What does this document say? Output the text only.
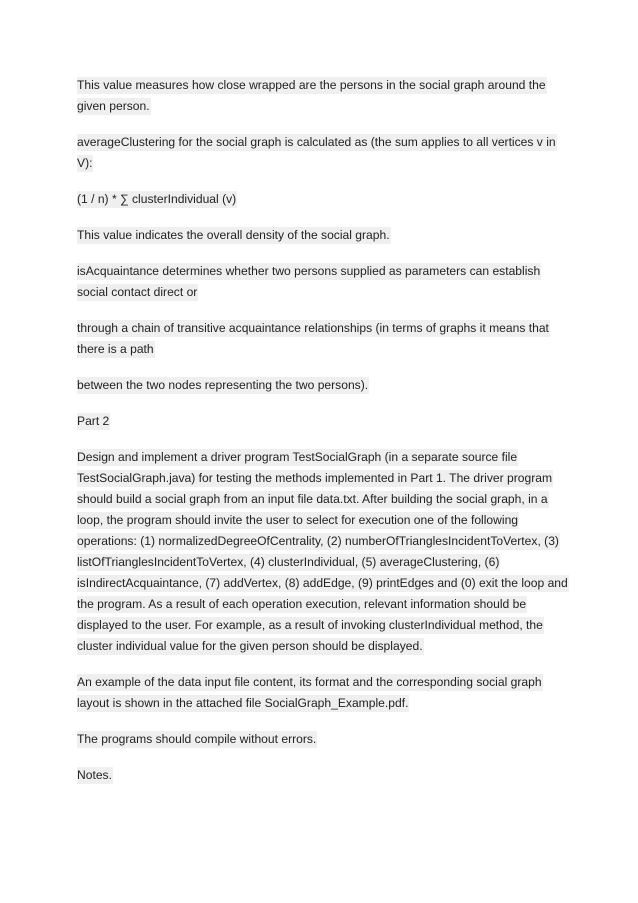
This value measures how close wrapped are the persons in the social graph around the
given person.

averageClustering for the social graph is calculated as (the sum applies to all vertices v in
V):

(1 / n) * ∑ clusterIndividual (v)

This value indicates the overall density of the social graph.

isAcquaintance determines whether two persons supplied as parameters can establish
social contact direct or

through a chain of transitive acquaintance relationships (in terms of graphs it means that
there is a path

between the two nodes representing the two persons).

Part 2

Design and implement a driver program TestSocialGraph (in a separate source file
TestSocialGraph.java) for testing the methods implemented in Part 1. The driver program
should build a social graph from an input file data.txt. After building the social graph, in a
loop, the program should invite the user to select for execution one of the following
operations: (1) normalizedDegreeOfCentrality, (2) numberOfTrianglesIncidentToVertex, (3)
listOfTrianglesIncidentToVertex, (4) clusterIndividual, (5) averageClustering, (6)
isIndirectAcquaintance, (7) addVertex, (8) addEdge, (9) printEdges and (0) exit the loop and
the program. As a result of each operation execution, relevant information should be
displayed to the user. For example, as a result of invoking clusterIndividual method, the
cluster individual value for the given person should be displayed.

An example of the data input file content, its format and the corresponding social graph
layout is shown in the attached file SocialGraph_Example.pdf.

The programs should compile without errors.

Notes.
